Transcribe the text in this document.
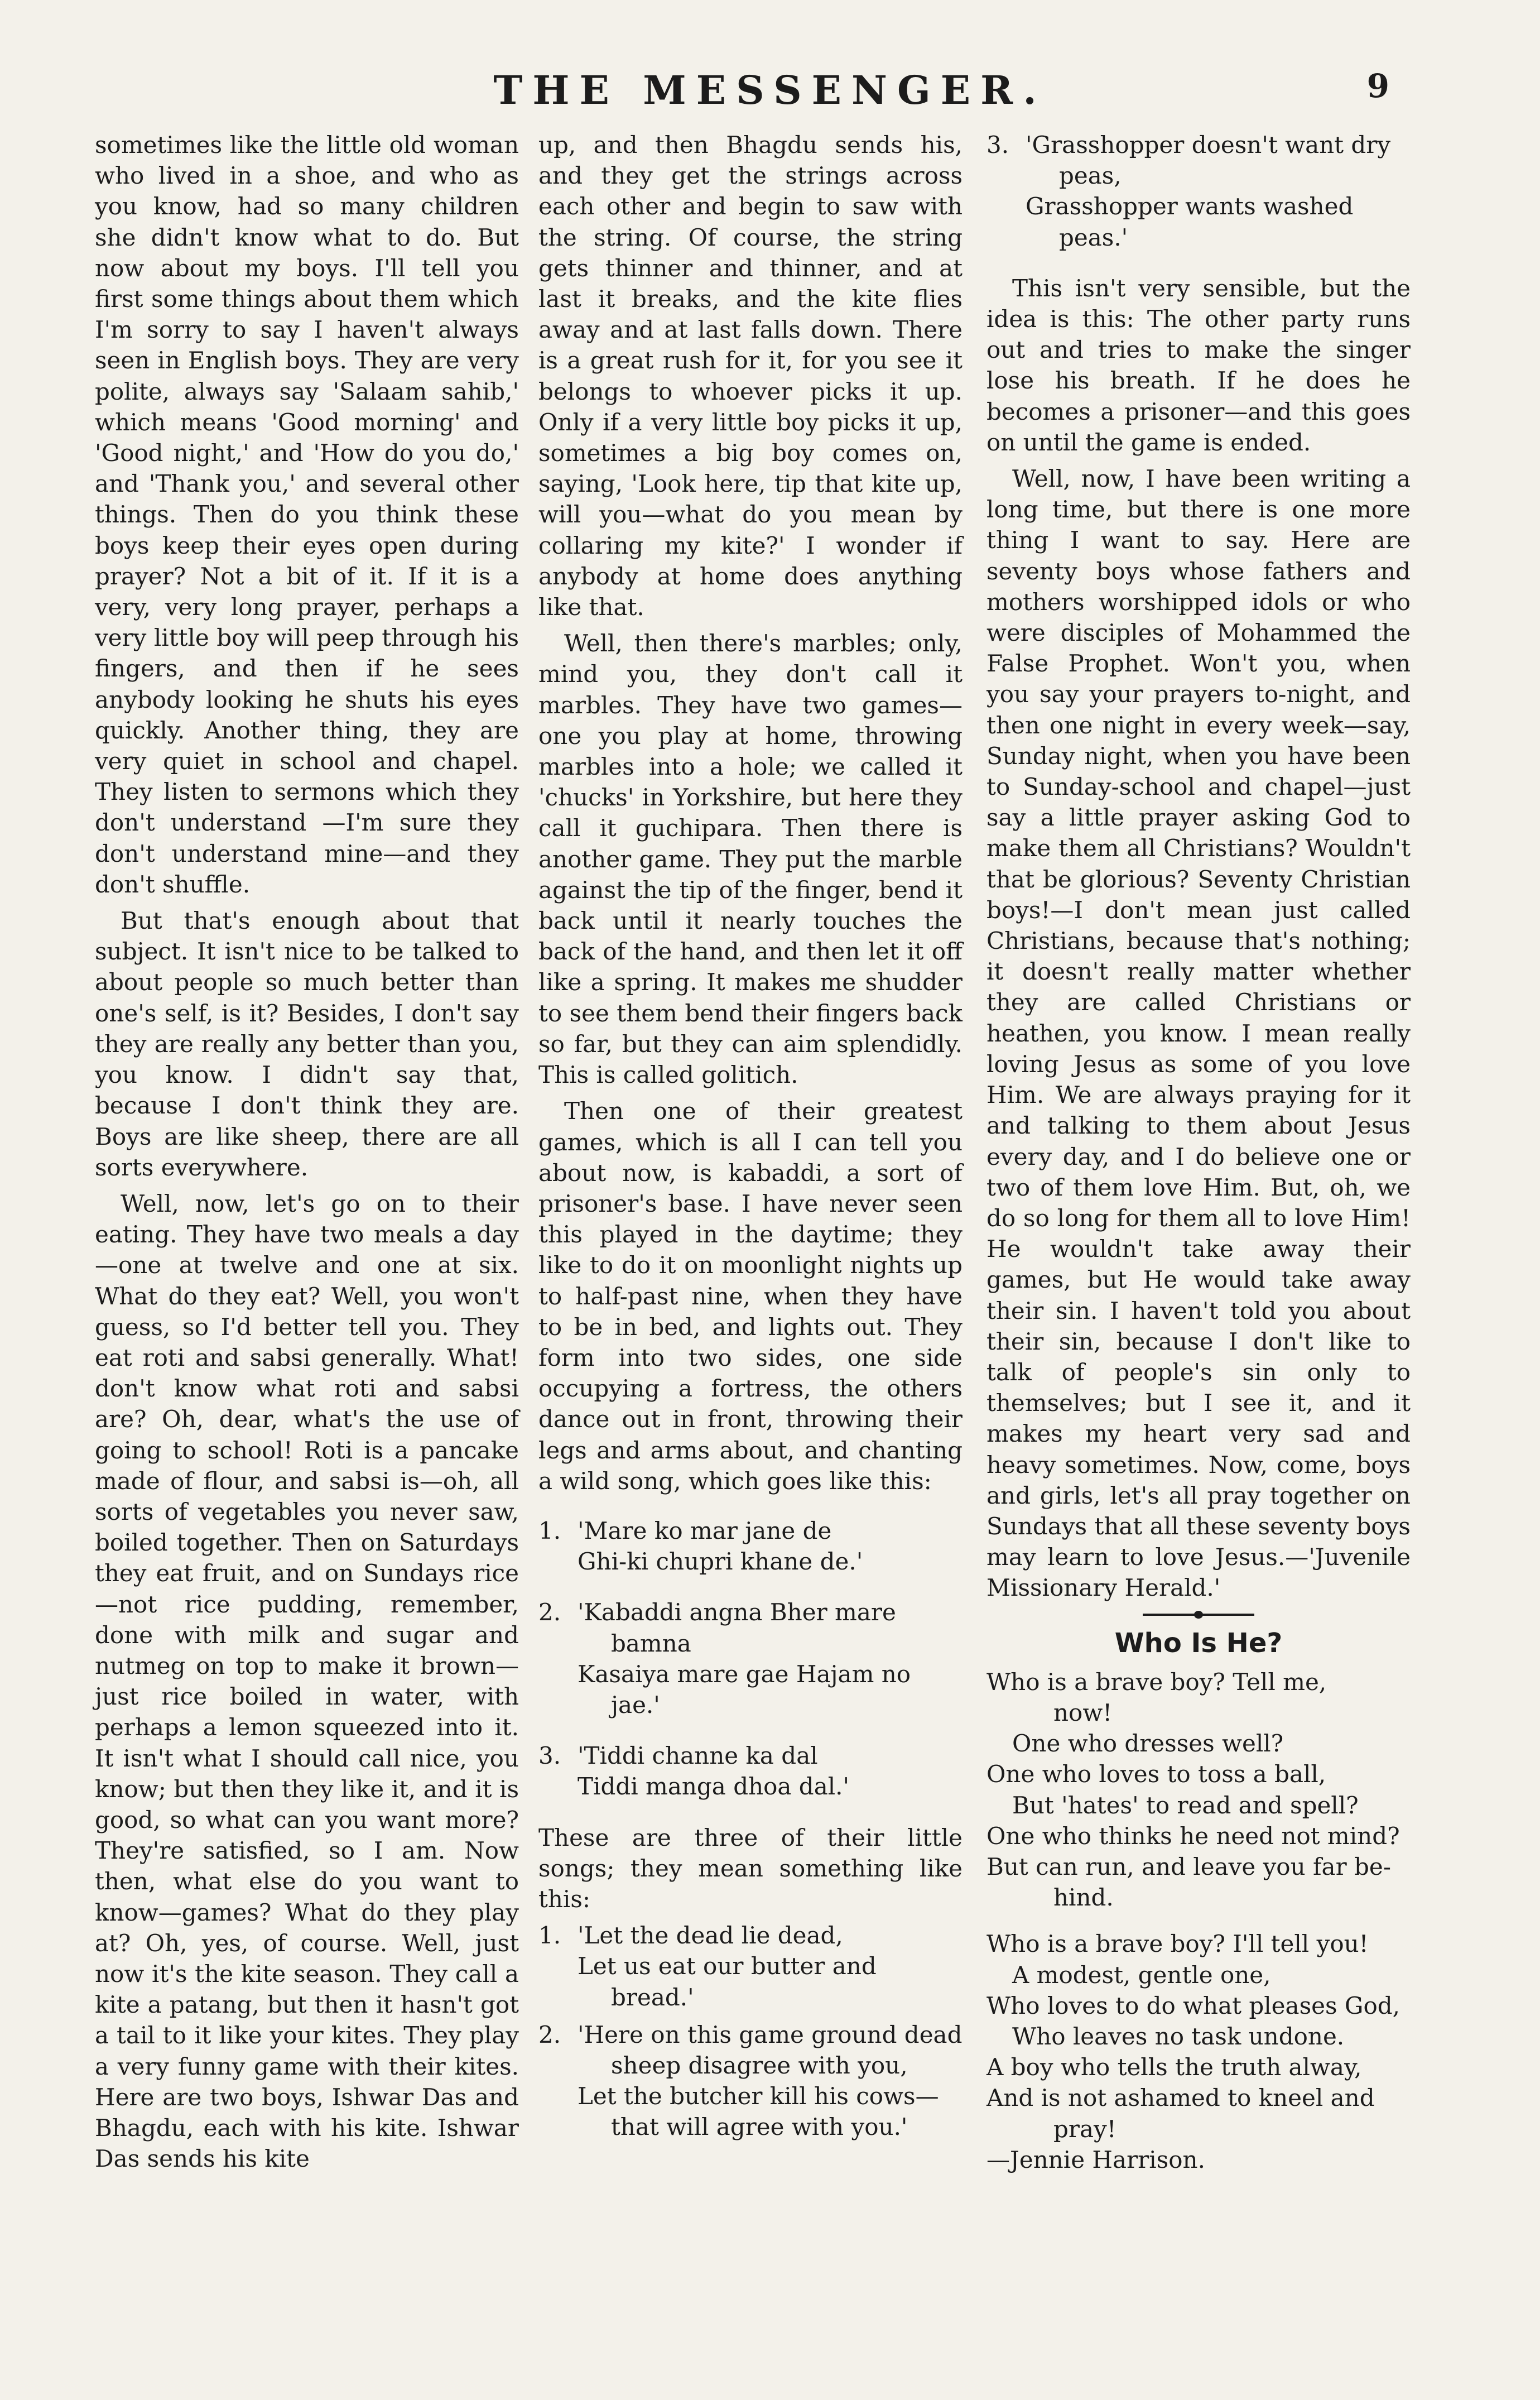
THE MESSENGER.	9

sometimes like the little old woman who lived in a shoe, and who as you know, had so many children she didn't know what to do. But now about my boys. I'll tell you first some things about them which I'm sorry to say I haven't always seen in English boys. They are very polite, always say 'Salaam sahib,' which means 'Good morning' and 'Good night,' and 'How do you do,' and 'Thank you,' and several other things. Then do you think these boys keep their eyes open during prayer? Not a bit of it. If it is a very, very long prayer, perhaps a very little boy will peep through his fingers, and then if he sees anybody looking he shuts his eyes quickly. Another thing, they are very quiet in school and chapel. They listen to sermons which they don't understand —I'm sure they don't understand mine—and they don't shuffle.

But that's enough about that subject. It isn't nice to be talked to about people so much better than one's self, is it? Besides, I don't say they are really any better than you, you know. I didn't say that, because I don't think they are. Boys are like sheep, there are all sorts everywhere.

Well, now, let's go on to their eating. They have two meals a day—one at twelve and one at six. What do they eat? Well, you won't guess, so I'd better tell you. They eat roti and sabsi generally. What! don't know what roti and sabsi are? Oh, dear, what's the use of going to school! Roti is a pancake made of flour, and sabsi is—oh, all sorts of vegetables you never saw, boiled together. Then on Saturdays they eat fruit, and on Sundays rice—not rice pudding, remember, done with milk and sugar and nutmeg on top to make it brown—just rice boiled in water, with perhaps a lemon squeezed into it. It isn't what I should call nice, you know; but then they like it, and it is good, so what can you want more? They're satisfied, so I am. Now then, what else do you want to know—games? What do they play at? Oh, yes, of course. Well, just now it's the kite season. They call a kite a patang, but then it hasn't got a tail to it like your kites. They play a very funny game with their kites. Here are two boys, Ishwar Das and Bhagdu, each with his kite. Ishwar Das sends his kite

up, and then Bhagdu sends his, and they get the strings across each other and begin to saw with the string. Of course, the string gets thinner and thinner, and at last it breaks, and the kite flies away and at last falls down. There is a great rush for it, for you see it belongs to whoever picks it up. Only if a very little boy picks it up, sometimes a big boy comes on, saying, 'Look here, tip that kite up, will you—what do you mean by collaring my kite?' I wonder if anybody at home does anything like that.

Well, then there's marbles; only, mind you, they don't call it marbles. They have two games—one you play at home, throwing marbles into a hole; we called it 'chucks' in Yorkshire, but here they call it guchipara. Then there is another game. They put the marble against the tip of the finger, bend it back until it nearly touches the back of the hand, and then let it off like a spring. It makes me shudder to see them bend their fingers back so far, but they can aim splendidly. This is called golitich.

Then one of their greatest games, which is all I can tell you about now, is kabaddi, a sort of prisoner's base. I have never seen this played in the daytime; they like to do it on moonlight nights up to half-past nine, when they have to be in bed, and lights out. They form into two sides, one side occupying a fortress, the others dance out in front, throwing their legs and arms about, and chanting a wild song, which goes like this:

1. 'Mare ko mar jane de

Ghi-ki chupri khane de.'

2. 'Kabaddi angna Bher mare

bamna

Kasaiya mare gae Hajam no

jae.'

3. 'Tiddi channe ka dal

Tiddi manga dhoa dal.'

These are three of their little songs; they mean something like this:

1. 'Let the dead lie dead,

Let us eat our butter and

bread.'

2. 'Here on this game ground dead

sheep disagree with you,

Let the butcher kill his cows—

that will agree with you.'

3. 'Grasshopper doesn't want dry

peas,

Grasshopper wants washed

peas.'

This isn't very sensible, but the idea is this: The other party runs out and tries to make the singer lose his breath. If he does he becomes a prisoner—and this goes on until the game is ended.

Well, now, I have been writing a long time, but there is one more thing I want to say. Here are seventy boys whose fathers and mothers worshipped idols or who were disciples of Mohammed the False Prophet. Won't you, when you say your prayers to-night, and then one night in every week—say, Sunday night, when you have been to Sunday-school and chapel—just say a little prayer asking God to make them all Christians? Wouldn't that be glorious? Seventy Christian boys!—I don't mean just called Christians, because that's nothing; it doesn't really matter whether they are called Christians or heathen, you know. I mean really loving Jesus as some of you love Him. We are always praying for it and talking to them about Jesus every day, and I do believe one or two of them love Him. But, oh, we do so long for them all to love Him! He wouldn't take away their games, but He would take away their sin. I haven't told you about their sin, because I don't like to talk of people's sin only to themselves; but I see it, and it makes my heart very sad and heavy sometimes. Now, come, boys and girls, let's all pray together on Sundays that all these seventy boys may learn to love Jesus.—'Juvenile Missionary Herald.'

Who Is He?

Who is a brave boy? Tell me,

now!

One who dresses well?

One who loves to toss a ball,

But 'hates' to read and spell?

One who thinks he need not mind?

But can run, and leave you far be-

hind.

Who is a brave boy? I'll tell you!

A modest, gentle one,

Who loves to do what pleases God,

Who leaves no task undone.

A boy who tells the truth alway,

And is not ashamed to kneel and

pray!

—Jennie Harrison.
